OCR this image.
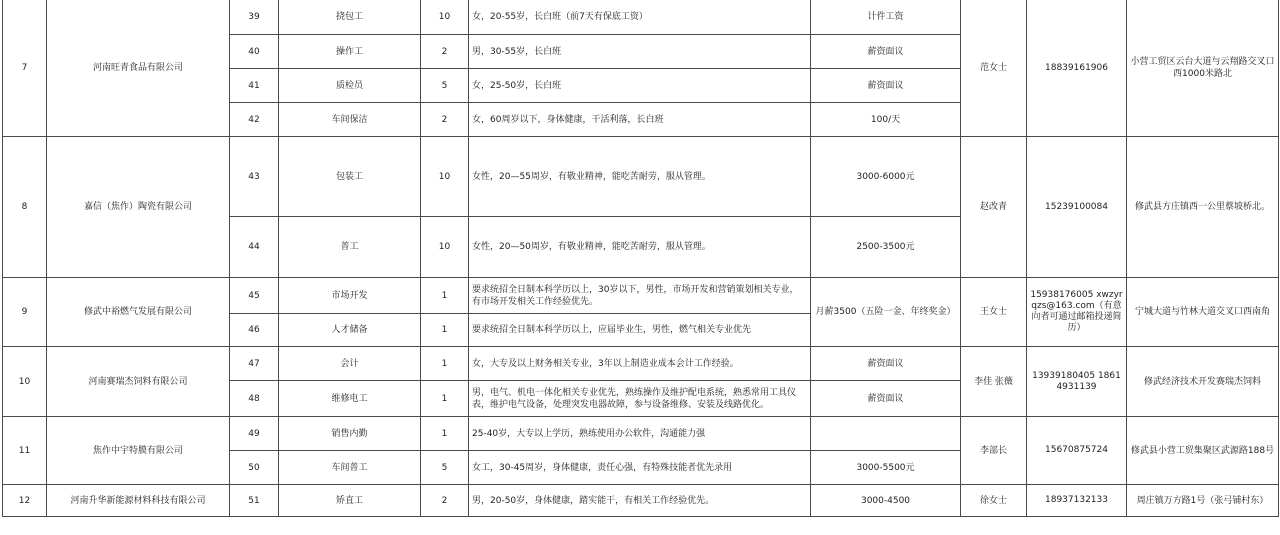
7	河南旺青食品有限公司	39	挠包工	10	女，20-55岁，长白班（前7天有保底工资）	计件工资	范女士	18839161906	小营工贸区云台大道与云翔路交叉口西1000米路北
		40	操作工	2	男，30-55岁，长白班	薪资面议			
		41	质检员	5	女，25-50岁，长白班	薪资面议			
		42	车间保洁	2	女，60周岁以下，身体健康，干活利落，长白班	100/天			
8	嘉信（焦作）陶瓷有限公司	43	包装工	10	女性，20—55周岁，有敬业精神，能吃苦耐劳，服从管理。	3000-6000元	赵改青	15239100084	修武县方庄镇西一公里蔡坡桥北。
		44	普工	10	女性，20—50周岁，有敬业精神，能吃苦耐劳，服从管理。	2500-3500元			
9	修武中裕燃气发展有限公司	45	市场开发	1	要求统招全日制本科学历以上，30岁以下，男性，市场开发和营销策划相关专业，有市场开发相关工作经验优先。	月薪3500（五险一金、年终奖金）	王女士	15938176005 xwzyrqzs@163.com（有意向者可通过邮箱投递简历）	宁城大道与竹林大道交叉口西南角
		46	人才储备	1	要求统招全日制本科学历以上，应届毕业生，男性，燃气相关专业优先				
10	河南赛瑞杰饲料有限公司	47	会计	1	女，大专及以上财务相关专业，3年以上制造业成本会计工作经验。	薪资面议	李佳 张薇	13939180405 18614931139	修武经济技术开发赛瑞杰饲料
		48	维修电工	1	男，电气、机电一体化相关专业优先，熟练操作及维护配电系统，熟悉常用工具仪表，维护电气设备，处理突发电器故障，参与设备维修、安装及线路优化。	薪资面议			
11	焦作中宇特膜有限公司	49	销售内勤	1	25-40岁，大专以上学历，熟练使用办公软件，沟通能力强		李部长	15670875724	修武县小营工贸集聚区武源路188号
		50	车间普工	5	女工，30-45周岁，身体健康，责任心强，有特殊技能者优先录用	3000-5500元			
12	河南升华新能源材料科技有限公司	51	矫直工	2	男，20-50岁，身体健康，踏实能干，有相关工作经验优先。	3000-4500	徐女士	18937132133	周庄镇万方路1号（张弓铺村东）
